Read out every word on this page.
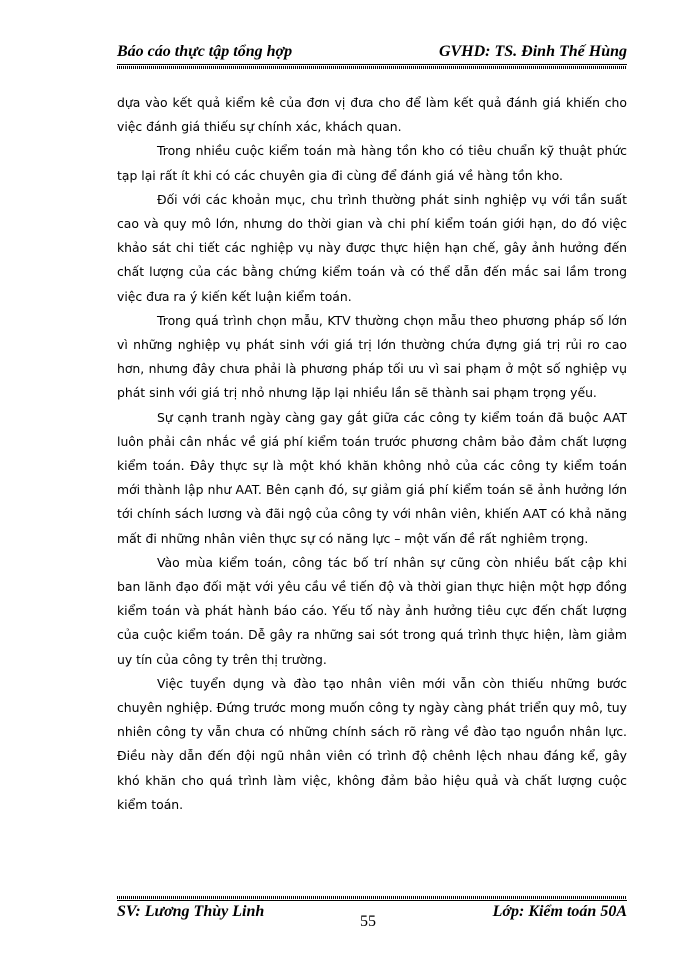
Báo cáo thực tập tổng hợp	GVHD: TS. Đinh Thế Hùng

dựa vào kết quả kiểm kê của đơn vị đưa cho để làm kết quả đánh giá khiến cho việc đánh giá thiếu sự chính xác, khách quan.

Trong nhiều cuộc kiểm toán mà hàng tồn kho có tiêu chuẩn kỹ thuật phức tạp lại rất ít khi có các chuyên gia đi cùng để đánh giá về hàng tồn kho.

Đối với các khoản mục, chu trình thường phát sinh nghiệp vụ với tần suất cao và quy mô lớn, nhưng do thời gian và chi phí kiểm toán giới hạn, do đó việc khảo sát chi tiết các nghiệp vụ này được thực hiện hạn chế, gây ảnh hưởng đến chất lượng của các bằng chứng kiểm toán và có thể dẫn đến mắc sai lầm trong việc đưa ra ý kiến kết luận kiểm toán.

Trong quá trình chọn mẫu, KTV thường chọn mẫu theo phương pháp số lớn vì những nghiệp vụ phát sinh với giá trị lớn thường chứa đựng giá trị rủi ro cao hơn, nhưng đây chưa phải là phương pháp tối ưu vì sai phạm ở một số nghiệp vụ phát sinh với giá trị nhỏ nhưng lặp lại nhiều lần sẽ thành sai phạm trọng yếu.

Sự cạnh tranh ngày càng gay gắt giữa các công ty kiểm toán đã buộc AAT luôn phải cân nhắc về giá phí kiểm toán trước phương châm bảo đảm chất lượng kiểm toán. Đây thực sự là một khó khăn không nhỏ của các công ty kiểm toán mới thành lập như AAT. Bên cạnh đó, sự giảm giá phí kiểm toán sẽ ảnh hưởng lớn tới chính sách lương và đãi ngộ của công ty với nhân viên, khiến AAT có khả năng mất đi những nhân viên thực sự có năng lực – một vấn đề rất nghiêm trọng.

Vào mùa kiểm toán, công tác bố trí nhân sự cũng còn nhiều bất cập khi ban lãnh đạo đối mặt với yêu cầu về tiến độ và thời gian thực hiện một hợp đồng kiểm toán và phát hành báo cáo. Yếu tố này ảnh hưởng tiêu cực đến chất lượng của cuộc kiểm toán. Dễ gây ra những sai sót trong quá trình thực hiện, làm giảm uy tín của công ty trên thị trường.

Việc tuyển dụng và đào tạo nhân viên mới vẫn còn thiếu những bước chuyên nghiệp. Đứng trước mong muốn công ty ngày càng phát triển quy mô, tuy nhiên công ty vẫn chưa có những chính sách rõ ràng về đào tạo nguồn nhân lực. Điều này dẫn đến đội ngũ nhân viên có trình độ chênh lệch nhau đáng kể, gây khó khăn cho quá trình làm việc, không đảm bảo hiệu quả và chất lượng cuộc kiểm toán.

SV: Lương Thùy Linh
55
Lớp: Kiểm toán 50A
